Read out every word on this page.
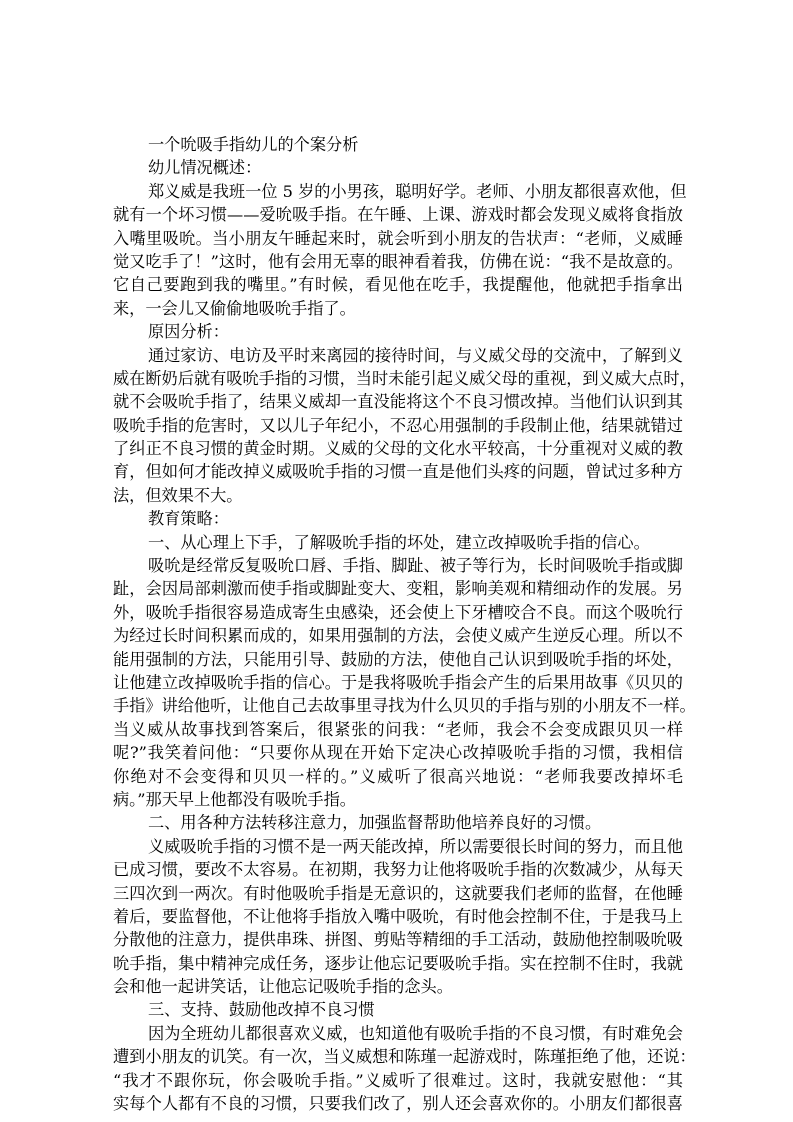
一个吮吸手指幼儿的个案分析
幼儿情况概述：
郑义威是我班一位 5 岁的小男孩，聪明好学。老师、小朋友都很喜欢他，但
就有一个坏习惯——爱吮吸手指。在午睡、上课、游戏时都会发现义威将食指放
入嘴里吸吮。当小朋友午睡起来时，就会听到小朋友的告状声：“老师，义威睡
觉又吃手了！”这时，他有会用无辜的眼神看着我，仿佛在说：“我不是故意的。
它自己要跑到我的嘴里。”有时候，看见他在吃手，我提醒他，他就把手指拿出
来，一会儿又偷偷地吸吮手指了。
原因分析：
通过家访、电访及平时来离园的接待时间，与义威父母的交流中，了解到义
威在断奶后就有吸吮手指的习惯，当时未能引起义威父母的重视，到义威大点时，
就不会吸吮手指了，结果义威却一直没能将这个不良习惯改掉。当他们认识到其
吸吮手指的危害时，又以儿子年纪小，不忍心用强制的手段制止他，结果就错过
了纠正不良习惯的黄金时期。义威的父母的文化水平较高，十分重视对义威的教
育，但如何才能改掉义威吸吮手指的习惯一直是他们头疼的问题，曾试过多种方
法，但效果不大。
教育策略：
一、从心理上下手，了解吸吮手指的坏处，建立改掉吸吮手指的信心。
吸吮是经常反复吸吮口唇、手指、脚趾、被子等行为，长时间吸吮手指或脚
趾，会因局部刺激而使手指或脚趾变大、变粗，影响美观和精细动作的发展。另
外，吸吮手指很容易造成寄生虫感染，还会使上下牙槽咬合不良。而这个吸吮行
为经过长时间积累而成的，如果用强制的方法，会使义威产生逆反心理。所以不
能用强制的方法，只能用引导、鼓励的方法，使他自己认识到吸吮手指的坏处，
让他建立改掉吸吮手指的信心。于是我将吸吮手指会产生的后果用故事《贝贝的
手指》讲给他听，让他自己去故事里寻找为什么贝贝的手指与别的小朋友不一样。
当义威从故事找到答案后，很紧张的问我：“老师，我会不会变成跟贝贝一样
呢?”我笑着问他：“只要你从现在开始下定决心改掉吸吮手指的习惯，我相信
你绝对不会变得和贝贝一样的。”义威听了很高兴地说：“老师我要改掉坏毛
病。”那天早上他都没有吸吮手指。
二、用各种方法转移注意力，加强监督帮助他培养良好的习惯。
义威吸吮手指的习惯不是一两天能改掉，所以需要很长时间的努力，而且他
已成习惯，要改不太容易。在初期，我努力让他将吸吮手指的次数减少，从每天
三四次到一两次。有时他吸吮手指是无意识的，这就要我们老师的监督，在他睡
着后，要监督他，不让他将手指放入嘴中吸吮，有时他会控制不住，于是我马上
分散他的注意力，提供串珠、拼图、剪贴等精细的手工活动，鼓励他控制吸吮吸
吮手指，集中精神完成任务，逐步让他忘记要吸吮手指。实在控制不住时，我就
会和他一起讲笑话，让他忘记吸吮手指的念头。
三、支持、鼓励他改掉不良习惯
因为全班幼儿都很喜欢义威，也知道他有吸吮手指的不良习惯，有时难免会
遭到小朋友的讥笑。有一次，当义威想和陈瑾一起游戏时，陈瑾拒绝了他，还说：
“我才不跟你玩，你会吸吮手指。”义威听了很难过。这时，我就安慰他：“其
实每个人都有不良的习惯，只要我们改了，别人还会喜欢你的。小朋友们都很喜
